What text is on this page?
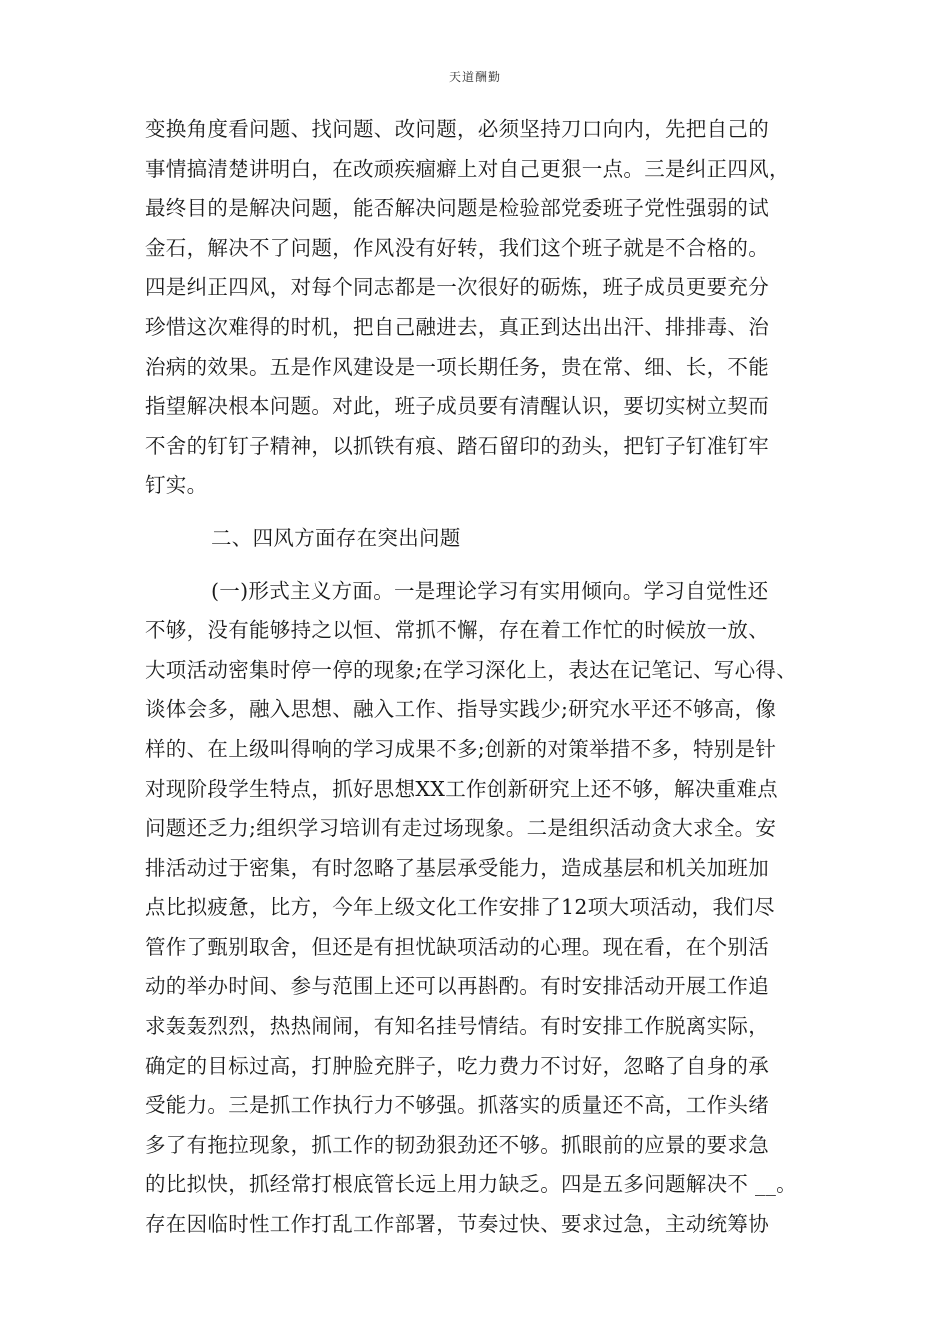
天道酬勤
变换角度看问题、找问题、改问题，必须坚持刀口向内，先把自己的
事情搞清楚讲明白，在改顽疾痼癖上对自己更狠一点。三是纠正四风，
最终目的是解决问题，能否解决问题是检验部党委班子党性强弱的试
金石，解决不了问题，作风没有好转，我们这个班子就是不合格的。
四是纠正四风，对每个同志都是一次很好的砺炼，班子成员更要充分
珍惜这次难得的时机，把自己融进去，真正到达出出汗、排排毒、治
治病的效果。五是作风建设是一项长期任务，贵在常、细、长，不能
指望解决根本问题。对此，班子成员要有清醒认识，要切实树立契而
不舍的钉钉子精神，以抓铁有痕、踏石留印的劲头，把钉子钉准钉牢
钉实。
二、四风方面存在突出问题
(一)形式主义方面。一是理论学习有实用倾向。学习自觉性还
不够，没有能够持之以恒、常抓不懈，存在着工作忙的时候放一放、
大项活动密集时停一停的现象;在学习深化上，表达在记笔记、写心得、
谈体会多，融入思想、融入工作、指导实践少;研究水平还不够高，像
样的、在上级叫得响的学习成果不多;创新的对策举措不多，特别是针
对现阶段学生特点，抓好思想XX工作创新研究上还不够，解决重难点
问题还乏力;组织学习培训有走过场现象。二是组织活动贪大求全。安
排活动过于密集，有时忽略了基层承受能力，造成基层和机关加班加
点比拟疲惫，比方，今年上级文化工作安排了12项大项活动，我们尽
管作了甄别取舍，但还是有担忧缺项活动的心理。现在看，在个别活
动的举办时间、参与范围上还可以再斟酌。有时安排活动开展工作追
求轰轰烈烈，热热闹闹，有知名挂号情结。有时安排工作脱离实际，
确定的目标过高，打肿脸充胖子，吃力费力不讨好，忽略了自身的承
受能力。三是抓工作执行力不够强。抓落实的质量还不高，工作头绪
多了有拖拉现象，抓工作的韧劲狠劲还不够。抓眼前的应景的要求急
的比拟快，抓经常打根底管长远上用力缺乏。四是五多问题解决不 __。
存在因临时性工作打乱工作部署，节奏过快、要求过急，主动统筹协
